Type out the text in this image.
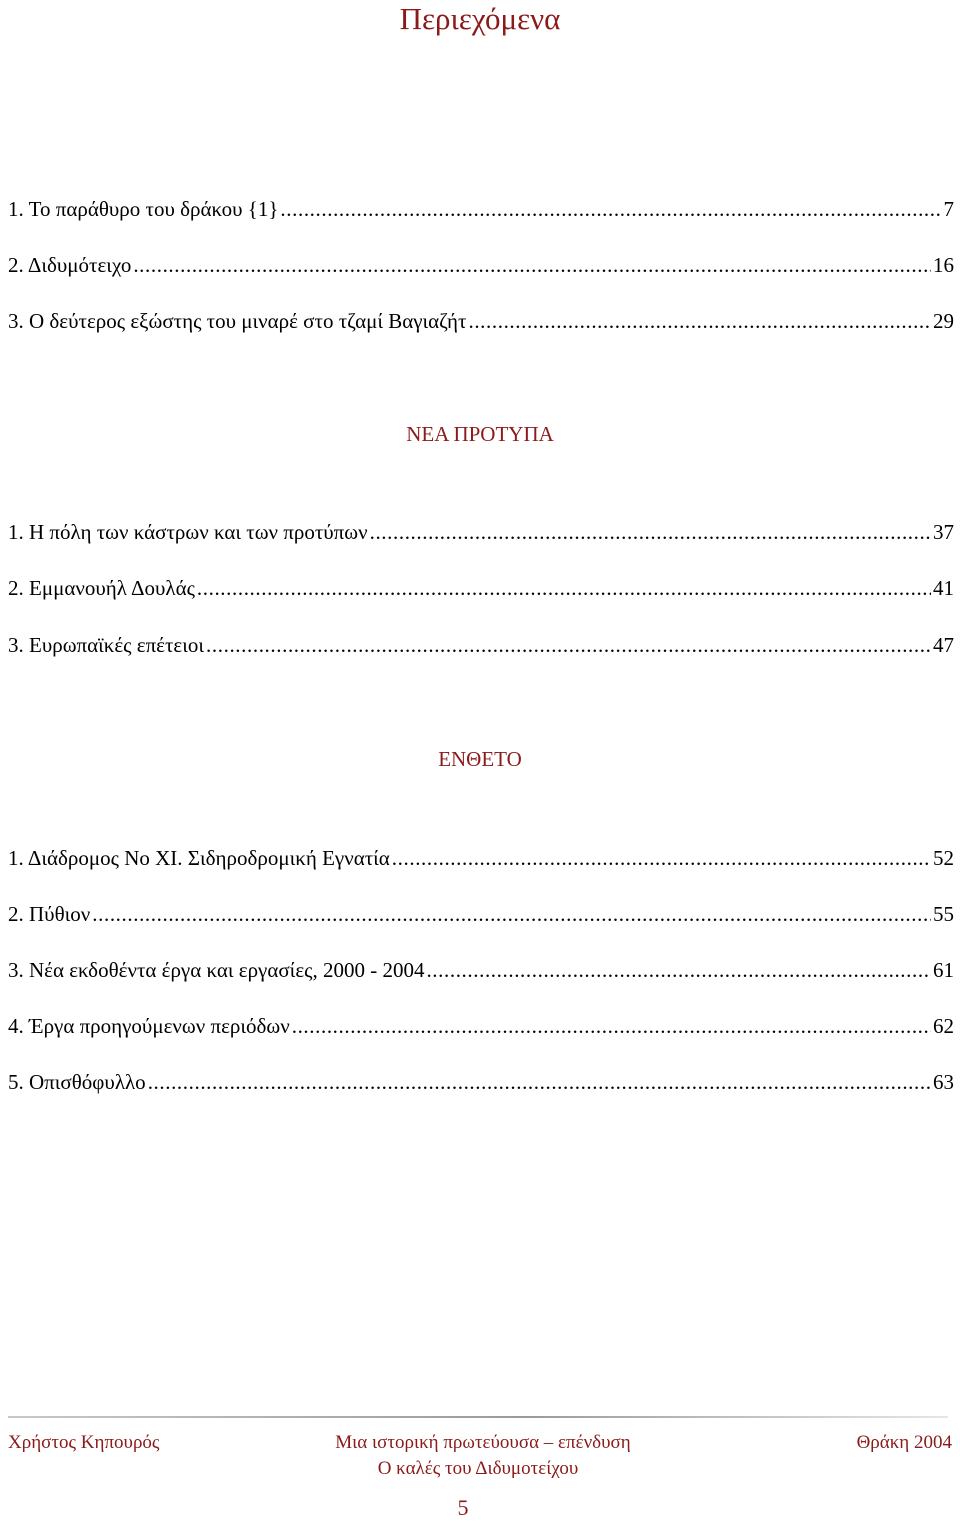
Περιεχόμενα
1. Το παράθυρο του δράκου {1} .....	7
2. Διδυμότειχο .....	16
3. Ο δεύτερος εξώστης του μιναρέ στο τζαμί Βαγιαζήτ .....	29
ΝΕΑ ΠΡΟΤΥΠΑ
1. Η πόλη των κάστρων και των προτύπων .....	37
2. Εμμανουήλ Δουλάς .....	41
3. Ευρωπαϊκές επέτειοι .....	47
ΕΝΘΕΤΟ
1. Διάδρομος Νο ΧΙ. Σιδηροδρομική Εγνατία .....	52
2. Πύθιον .....	55
3. Νέα εκδοθέντα έργα και εργασίες, 2000 - 2004 .....	61
4. Έργα προηγούμενων περιόδων .....	62
5. Οπισθόφυλλο .....	63
Χρήστος Κηπουρός	Μια ιστορική πρωτεύουσα – επένδυση
Ο καλές του Διδυμοτείχου
Θράκη 2004
5
